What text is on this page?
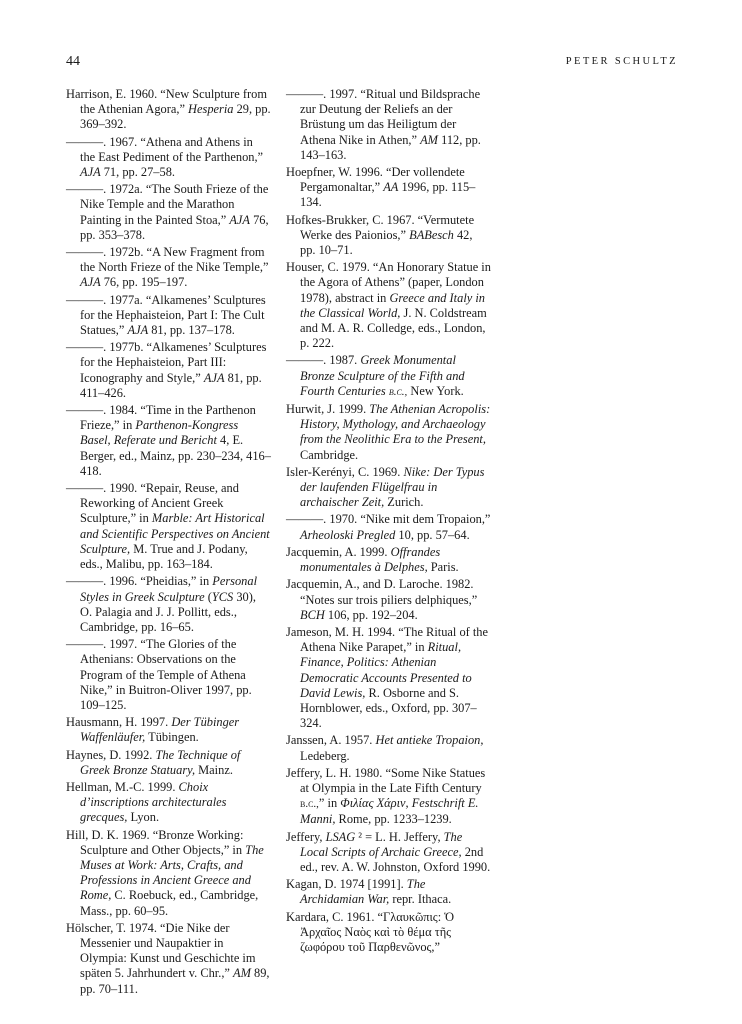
44	PETER SCHULTZ

Harrison, E. 1960. “New Sculpture from the Athenian Agora,” Hesperia 29, pp. 369–392.

———. 1967. “Athena and Athens in the East Pediment of the Parthenon,” AJA 71, pp. 27–58.

———. 1972a. “The South Frieze of the Nike Temple and the Marathon Painting in the Painted Stoa,” AJA 76, pp. 353–378.

———. 1972b. “A New Fragment from the North Frieze of the Nike Temple,” AJA 76, pp. 195–197.

———. 1977a. “Alkamenes’ Sculptures for the Hephaisteion, Part I: The Cult Statues,” AJA 81, pp. 137–178.

———. 1977b. “Alkamenes’ Sculptures for the Hephaisteion, Part III: Iconography and Style,” AJA 81, pp. 411–426.

———. 1984. “Time in the Parthenon Frieze,” in Parthenon-Kongress Basel, Referate und Bericht 4, E. Berger, ed., Mainz, pp. 230–234, 416–418.

———. 1990. “Repair, Reuse, and Reworking of Ancient Greek Sculpture,” in Marble: Art Historical and Scientific Perspectives on Ancient Sculpture, M. True and J. Podany, eds., Malibu, pp. 163–184.

———. 1996. “Pheidias,” in Personal Styles in Greek Sculpture (YCS 30), O. Palagia and J. J. Pollitt, eds., Cambridge, pp. 16–65.

———. 1997. “The Glories of the Athenians: Observations on the Program of the Temple of Athena Nike,” in Buitron-Oliver 1997, pp. 109–125.

Hausmann, H. 1997. Der Tübinger Waffenläufer, Tübingen.

Haynes, D. 1992. The Technique of Greek Bronze Statuary, Mainz.

Hellman, M.-C. 1999. Choix d’inscriptions architecturales grecques, Lyon.

Hill, D. K. 1969. “Bronze Working: Sculpture and Other Objects,” in The Muses at Work: Arts, Crafts, and Professions in Ancient Greece and Rome, C. Roebuck, ed., Cambridge, Mass., pp. 60–95.

Hölscher, T. 1974. “Die Nike der Messenier und Naupaktier in Olympia: Kunst und Geschichte im späten 5. Jahrhundert v. Chr.,” AM 89, pp. 70–111.

———. 1997. “Ritual und Bildsprache zur Deutung der Reliefs an der Brüstung um das Heiligtum der Athena Nike in Athen,” AM 112, pp. 143–163.

Hoepfner, W. 1996. “Der vollendete Pergamonaltar,” AA 1996, pp. 115–134.

Hofkes-Brukker, C. 1967. “Vermutete Werke des Paionios,” BABesch 42, pp. 10–71.

Houser, C. 1979. “An Honorary Statue in the Agora of Athens” (paper, London 1978), abstract in Greece and Italy in the Classical World, J. N. Coldstream and M. A. R. Colledge, eds., London, p. 222.

———. 1987. Greek Monumental Bronze Sculpture of the Fifth and Fourth Centuries b.c., New York.

Hurwit, J. 1999. The Athenian Acropolis: History, Mythology, and Archaeology from the Neolithic Era to the Present, Cambridge.

Isler-Kerényi, C. 1969. Nike: Der Typus der laufenden Flügelfrau in archaischer Zeit, Zurich.

———. 1970. “Nike mit dem Tropaion,” Arheoloski Pregled 10, pp. 57–64.

Jacquemin, A. 1999. Offrandes monumentales à Delphes, Paris.

Jacquemin, A., and D. Laroche. 1982. “Notes sur trois piliers delphiques,” BCH 106, pp. 192–204.

Jameson, M. H. 1994. “The Ritual of the Athena Nike Parapet,” in Ritual, Finance, Politics: Athenian Democratic Accounts Presented to David Lewis, R. Osborne and S. Hornblower, eds., Oxford, pp. 307–324.

Janssen, A. 1957. Het antieke Tropaion, Ledeberg.

Jeffery, L. H. 1980. “Some Nike Statues at Olympia in the Late Fifth Century b.c.,” in Φιλίας Χάριν, Festschrift E. Manni, Rome, pp. 1233–1239.

Jeffery, LSAG ² = L. H. Jeffery, The Local Scripts of Archaic Greece, 2nd ed., rev. A. W. Johnston, Oxford 1990.

Kagan, D. 1974 [1991]. The Archidamian War, repr. Ithaca.

Kardara, C. 1961. “Γλαυκῶπις: Ὁ Ἀρχαῖος Ναὸς καὶ τὸ θέμα τῆς ζωφόρου τοῦ Παρθενῶνος,”
